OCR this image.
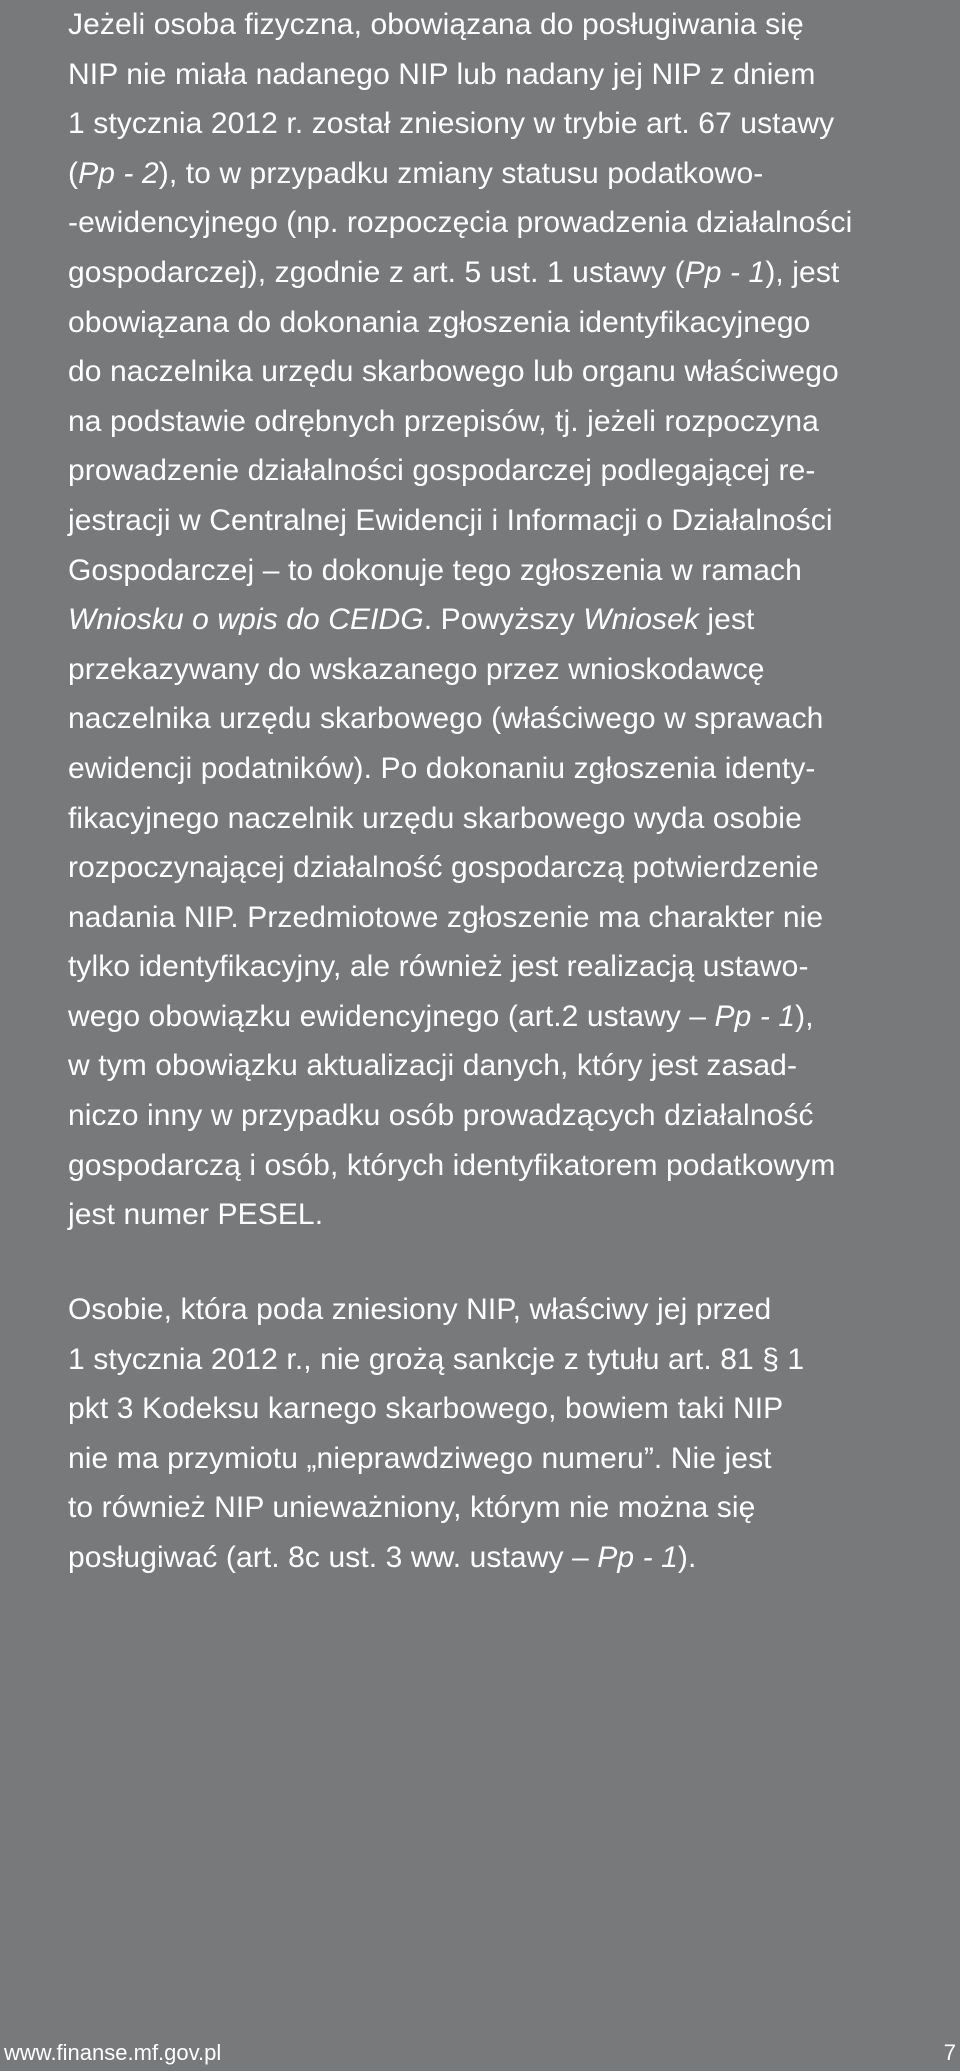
Jeżeli osoba fizyczna, obowiązana do posługiwania się
NIP nie miała nadanego NIP lub nadany jej NIP z dniem
1 stycznia 2012 r. został zniesiony w trybie art. 67 ustawy
(Pp - 2), to w przypadku zmiany statusu podatkowo-
-ewidencyjnego (np. rozpoczęcia prowadzenia działalności
gospodarczej), zgodnie z art. 5 ust. 1 ustawy (Pp - 1), jest
obowiązana do dokonania zgłoszenia identyfikacyjnego
do naczelnika urzędu skarbowego lub organu właściwego
na podstawie odrębnych przepisów, tj. jeżeli rozpoczyna
prowadzenie działalności gospodarczej podlegającej re-
jestracji w Centralnej Ewidencji i Informacji o Działalności
Gospodarczej – to dokonuje tego zgłoszenia w ramach
Wniosku o wpis do CEIDG. Powyższy Wniosek jest
przekazywany do wskazanego przez wnioskodawcę
naczelnika urzędu skarbowego (właściwego w sprawach
ewidencji podatników). Po dokonaniu zgłoszenia identy-
fikacyjnego naczelnik urzędu skarbowego wyda osobie
rozpoczynającej działalność gospodarczą potwierdzenie
nadania NIP. Przedmiotowe zgłoszenie ma charakter nie
tylko identyfikacyjny, ale również jest realizacją ustawo-
wego obowiązku ewidencyjnego (art.2 ustawy – Pp - 1),
w tym obowiązku aktualizacji danych, który jest zasad-
niczo inny w przypadku osób prowadzących działalność
gospodarczą i osób, których identyfikatorem podatkowym
jest numer PESEL.
Osobie, która poda zniesiony NIP, właściwy jej przed
1 stycznia 2012 r., nie grożą sankcje z tytułu art. 81 § 1
pkt 3 Kodeksu karnego skarbowego, bowiem taki NIP
nie ma przymiotu „nieprawdziwego numeru”. Nie jest
to również NIP unieważniony, którym nie można się
posługiwać (art. 8c ust. 3 ww. ustawy – Pp - 1).
www.finanse.mf.gov.pl	7
